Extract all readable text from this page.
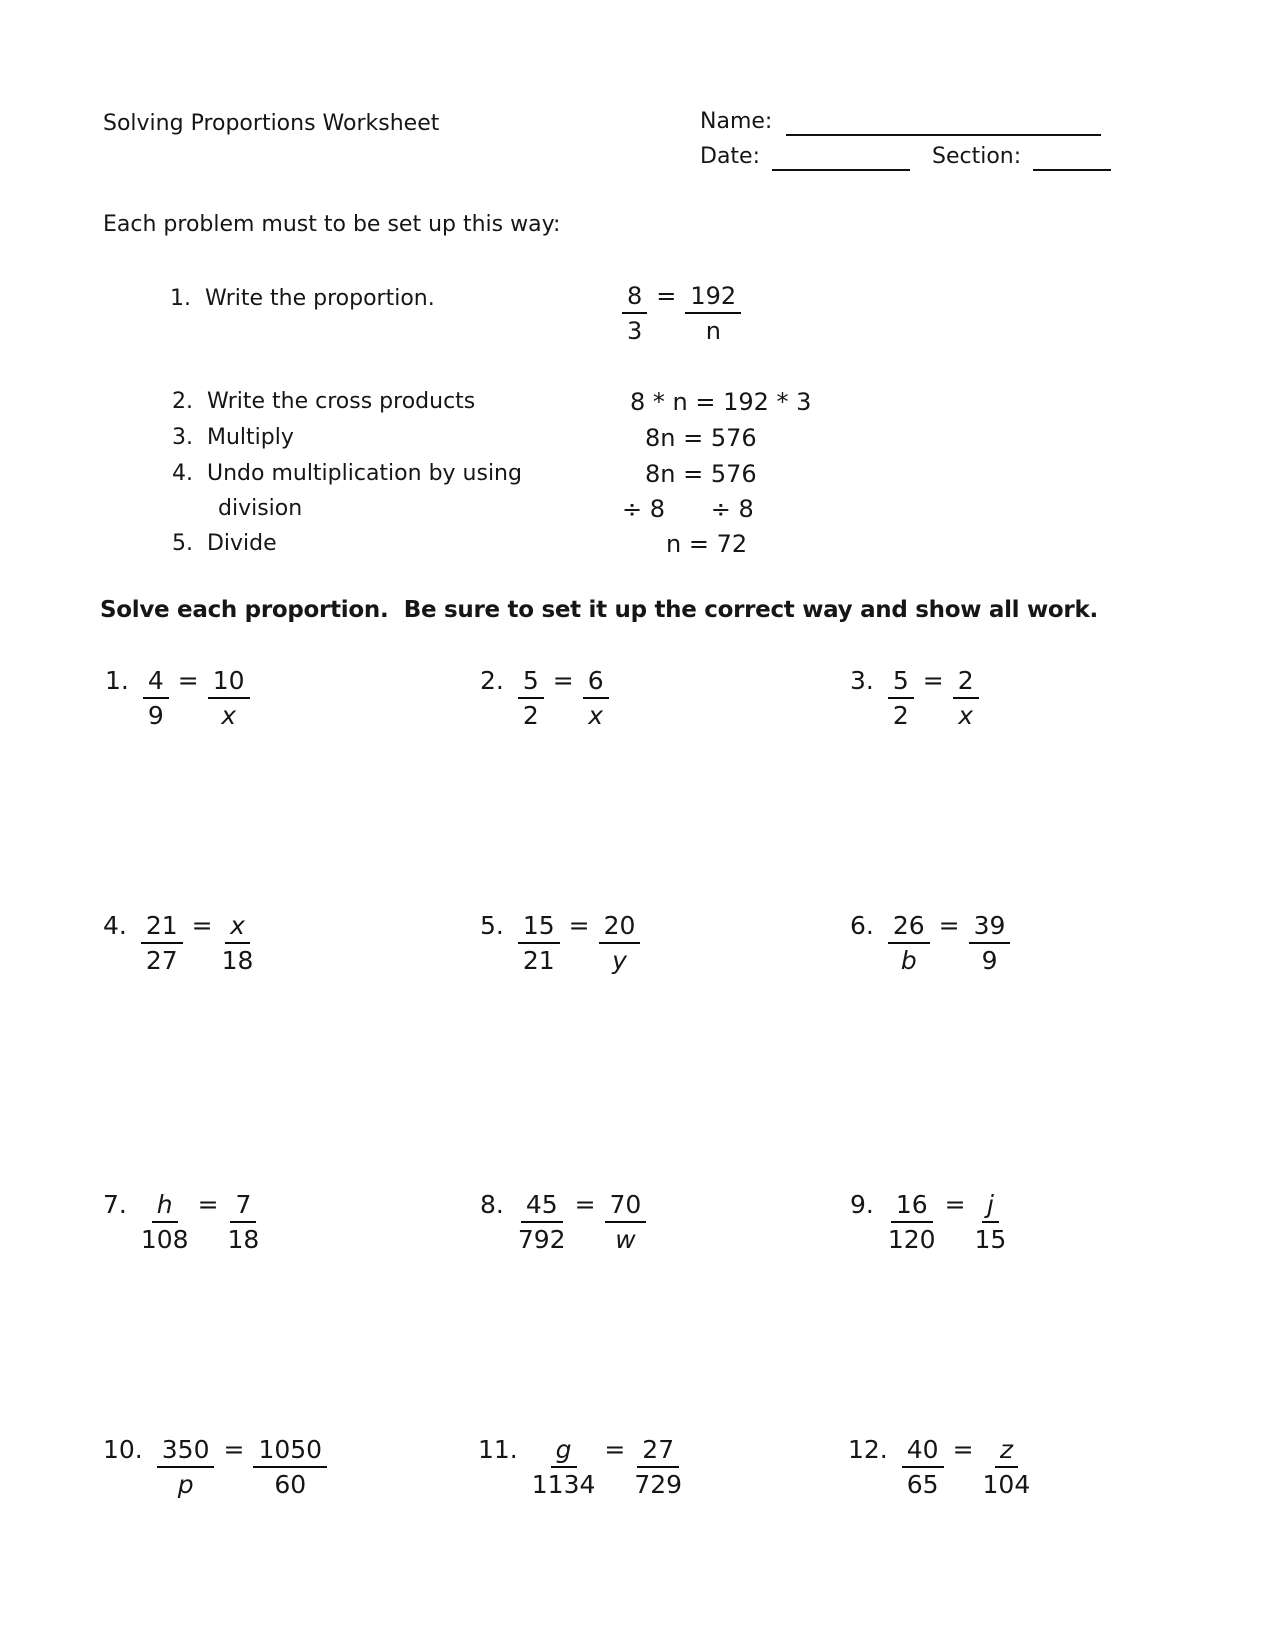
Solving Proportions Worksheet	Name:
Date:	Section:
Each problem must to be set up this way:
1.  Write the proportion.	$\frac{8}{3} = \frac{192}{n}$
2.  Write the cross products
3.  Multiply
4.  Undo multiplication by using
division
5.  Divide
8 * n = 192 * 3
8n = 576
8n = 576
÷ 8      ÷ 8
n = 72
Solve each proportion.  Be sure to set it up the correct way and show all work.
1. $\frac{4}{9} = \frac{10}{x}$	2. $\frac{5}{2} = \frac{6}{x}$	3. $\frac{5}{2} = \frac{2}{x}$
4. $\frac{21}{27} = \frac{x}{18}$	5. $\frac{15}{21} = \frac{20}{y}$	6. $\frac{26}{b} = \frac{39}{9}$
7. $\frac{h}{108} = \frac{7}{18}$	8. $\frac{45}{792} = \frac{70}{w}$	9. $\frac{16}{120} = \frac{j}{15}$
10. $\frac{350}{p} = \frac{1050}{60}$	11. $\frac{g}{1134} = \frac{27}{729}$	12. $\frac{40}{65} = \frac{z}{104}$
